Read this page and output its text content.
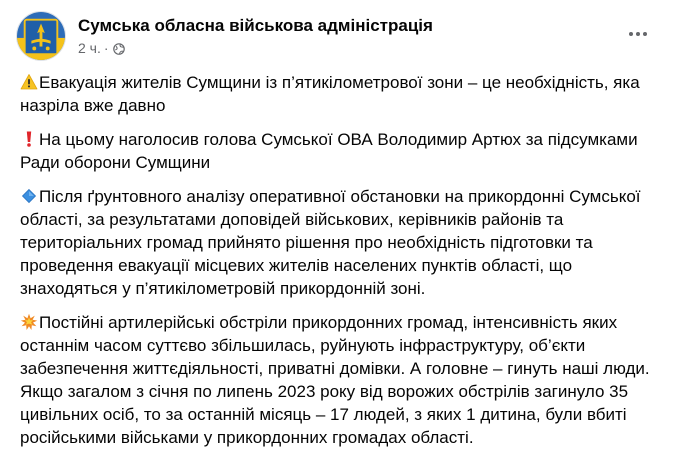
Сумська обласна військова адміністрація
2 ч. ·

Евакуація жителів Сумщини із п’ятикілометрової зони – це необхідність, яка назріла вже давно

На цьому наголосив голова Сумської ОВА Володимир Артюх за підсумками Ради оборони Сумщини

Після ґрунтовного аналізу оперативної обстановки на прикордонні Сумської області, за результатами доповідей військових, керівників районів та територіальних громад прийнято рішення про необхідність підготовки та проведення евакуації місцевих жителів населених пунктів області, що знаходяться у п’ятикілометровій прикордонній зоні.

Постійні артилерійські обстріли прикордонних громад, інтенсивність яких останнім часом суттєво збільшилась, руйнують інфраструктуру, об’єкти забезпечення життєдіяльності, приватні домівки. А головне – гинуть наші люди. Якщо загалом з січня по липень 2023 року від ворожих обстрілів загинуло 35 цивільних осіб, то за останній місяць – 17 людей, з яких 1 дитина, були вбиті російськими військами у прикордонних громадах області.
